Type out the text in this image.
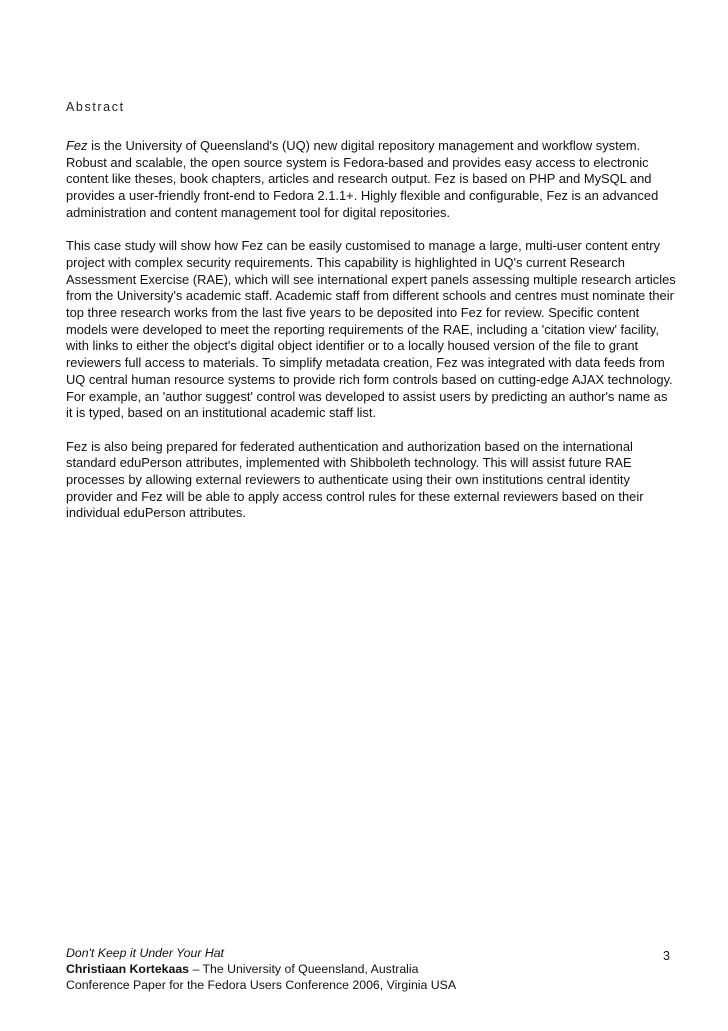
Abstract

Fez is the University of Queensland's (UQ) new digital repository management and workflow system. Robust and scalable, the open source system is Fedora-based and provides easy access to electronic content like theses, book chapters, articles and research output. Fez is based on PHP and MySQL and provides a user-friendly front-end to Fedora 2.1.1+. Highly flexible and configurable, Fez is an advanced administration and content management tool for digital repositories.

This case study will show how Fez can be easily customised to manage a large, multi-user content entry project with complex security requirements. This capability is highlighted in UQ's current Research Assessment Exercise (RAE), which will see international expert panels assessing multiple research articles from the University's academic staff. Academic staff from different schools and centres must nominate their top three research works from the last five years to be deposited into Fez for review. Specific content models were developed to meet the reporting requirements of the RAE, including a 'citation view' facility, with links to either the object's digital object identifier or to a locally housed version of the file to grant reviewers full access to materials. To simplify metadata creation, Fez was integrated with data feeds from UQ central human resource systems to provide rich form controls based on cutting-edge AJAX technology. For example, an 'author suggest' control was developed to assist users by predicting an author's name as it is typed, based on an institutional academic staff list.

Fez is also being prepared for federated authentication and authorization based on the international standard eduPerson attributes, implemented with Shibboleth technology. This will assist future RAE processes by allowing external reviewers to authenticate using their own institutions central identity provider and Fez will be able to apply access control rules for these external reviewers based on their individual eduPerson attributes.

Don't Keep it Under Your Hat
Christiaan Kortekaas – The University of Queensland, Australia
Conference Paper for the Fedora Users Conference 2006, Virginia USA
3
